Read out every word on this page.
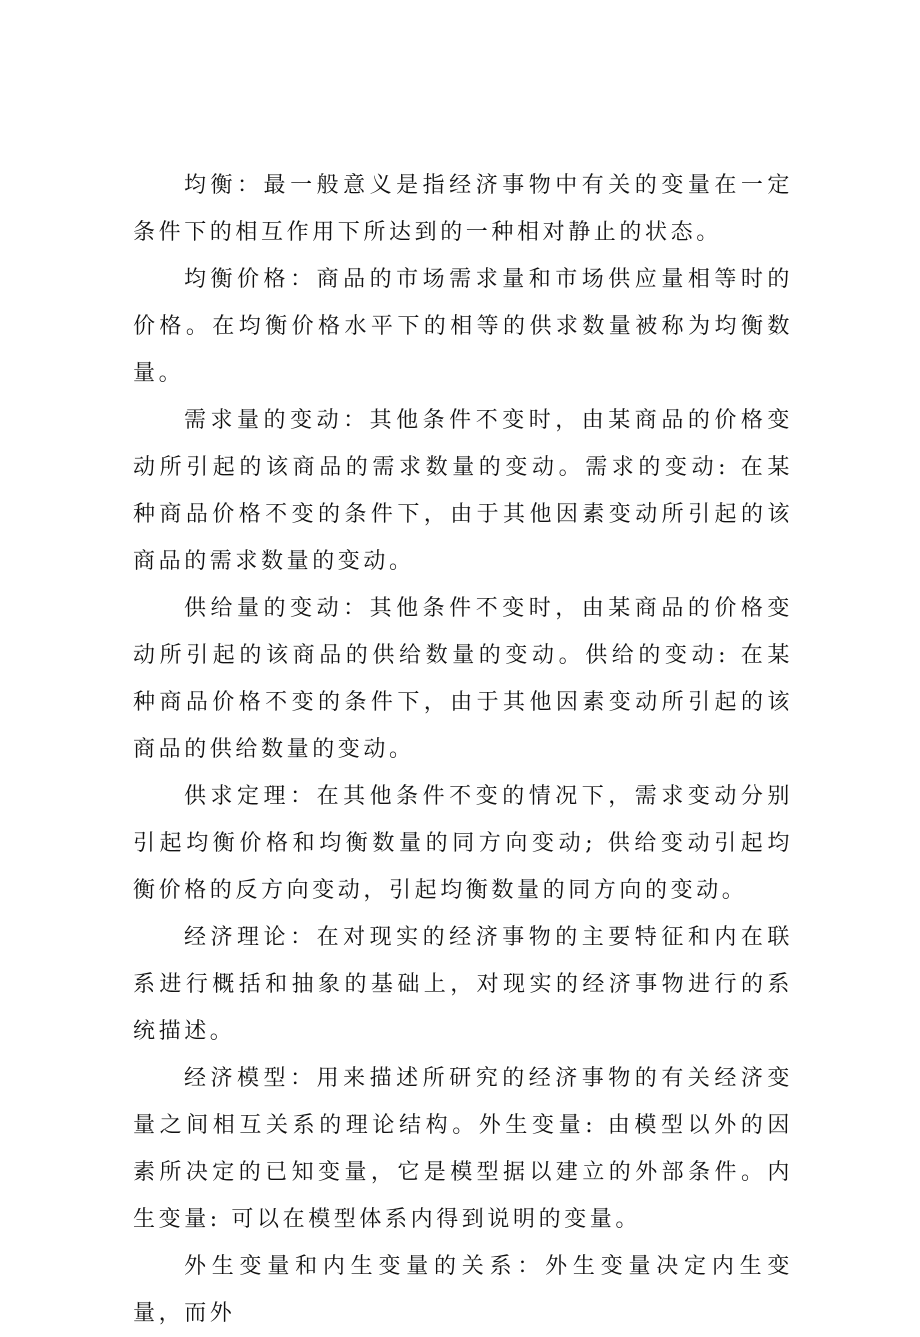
均衡：最一般意义是指经济事物中有关的变量在一定条件下的相互作用下所达到的一种相对静止的状态。

均衡价格：商品的市场需求量和市场供应量相等时的价格。在均衡价格水平下的相等的供求数量被称为均衡数量。

需求量的变动：其他条件不变时，由某商品的价格变动所引起的该商品的需求数量的变动。需求的变动: 在某种商品价格不变的条件下，由于其他因素变动所引起的该商品的需求数量的变动。

供给量的变动：其他条件不变时，由某商品的价格变动所引起的该商品的供给数量的变动。供给的变动: 在某种商品价格不变的条件下，由于其他因素变动所引起的该商品的供给数量的变动。

供求定理：在其他条件不变的情况下，需求变动分别引起均衡价格和均衡数量的同方向变动; 供给变动引起均衡价格的反方向变动，引起均衡数量的同方向的变动。

经济理论：在对现实的经济事物的主要特征和内在联系进行概括和抽象的基础上，对现实的经济事物进行的系统描述。

经济模型：用来描述所研究的经济事物的有关经济变量之间相互关系的理论结构。外生变量: 由模型以外的因素所决定的已知变量，它是模型据以建立的外部条件。内生变量: 可以在模型体系内得到说明的变量。

外生变量和内生变量的关系：外生变量决定内生变量，而外
